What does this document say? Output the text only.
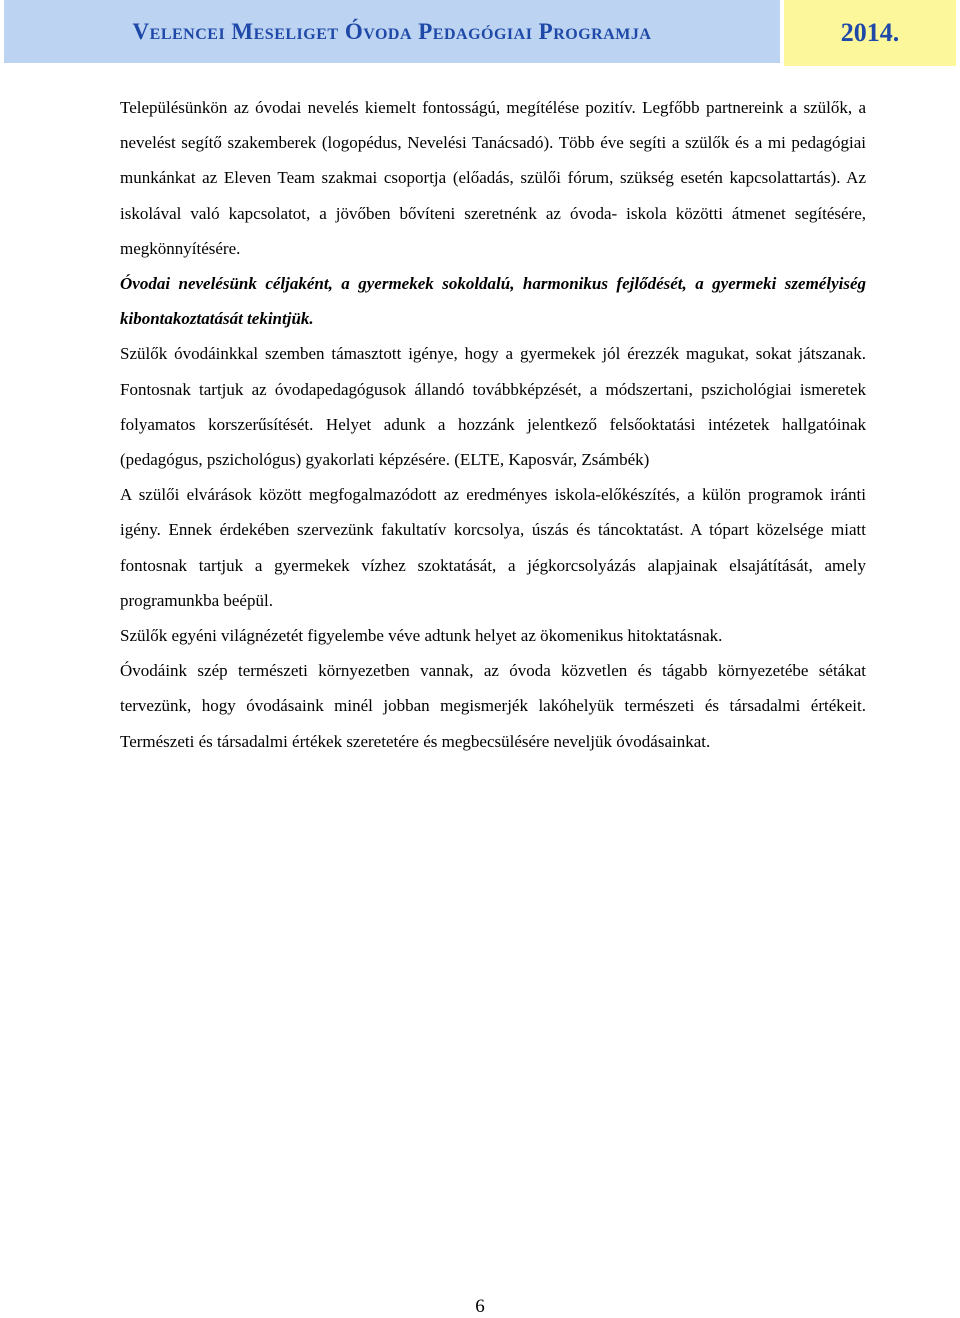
Velencei Meseliget Óvoda Pedagógiai Programja	2014.

Településünkön az óvodai nevelés kiemelt fontosságú, megítélése pozitív. Legfőbb partnereink a szülők, a nevelést segítő szakemberek (logopédus, Nevelési Tanácsadó). Több éve segíti a szülők és a mi pedagógiai munkánkat az Eleven Team szakmai csoportja (előadás, szülői fórum, szükség esetén kapcsolattartás). Az iskolával való kapcsolatot, a jövőben bővíteni szeretnénk az óvoda- iskola közötti átmenet segítésére, megkönnyítésére.

Óvodai nevelésünk céljaként, a gyermekek sokoldalú, harmonikus fejlődését, a gyermeki személyiség kibontakoztatását tekintjük.

Szülők óvodáinkkal szemben támasztott igénye, hogy a gyermekek jól érezzék magukat, sokat játszanak. Fontosnak tartjuk az óvodapedagógusok állandó továbbképzését, a módszertani, pszichológiai ismeretek folyamatos korszerűsítését. Helyet adunk a hozzánk jelentkező felsőoktatási intézetek hallgatóinak (pedagógus, pszichológus) gyakorlati képzésére. (ELTE, Kaposvár, Zsámbék)

A szülői elvárások között megfogalmazódott az eredményes iskola-előkészítés, a külön programok iránti igény. Ennek érdekében szervezünk fakultatív korcsolya, úszás és táncoktatást. A tópart közelsége miatt fontosnak tartjuk a gyermekek vízhez szoktatását, a jégkorcsolyázás alapjainak elsajátítását, amely programunkba beépül.

Szülők egyéni világnézetét figyelembe véve adtunk helyet az ökomenikus hitoktatásnak.

Óvodáink szép természeti környezetben vannak, az óvoda közvetlen és tágabb környezetébe sétákat tervezünk, hogy óvodásaink minél jobban megismerjék lakóhelyük természeti és társadalmi értékeit. Természeti és társadalmi értékek szeretetére és megbecsülésére neveljük óvodásainkat.

6
